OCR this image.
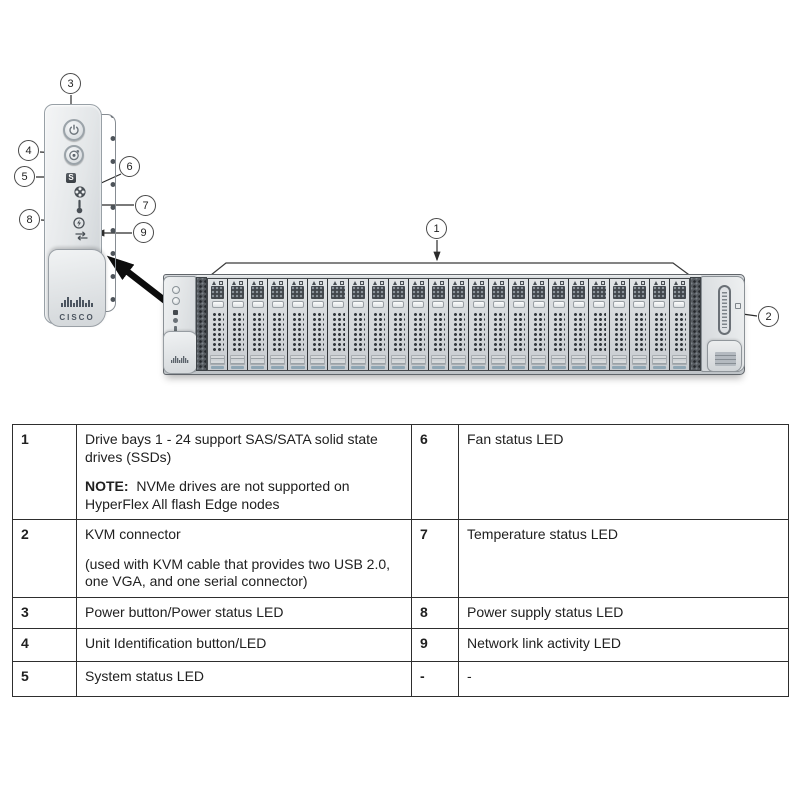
1
2
3
4
5
6
7
8
9
S
CISCO
1	Drive bays 1 - 24 support SAS/SATA solid state drives (SSDs)

NOTE:  NVMe drives are not supported on HyperFlex All flash Edge nodes	6	Fan status LED

2	KVM connector

(used with KVM cable that provides two USB 2.0, one VGA, and one serial connector)	7	Temperature status LED

3	Power button/Power status LED	8	Power supply status LED

4	Unit Identification button/LED	9	Network link activity LED

5	System status LED	-	-
